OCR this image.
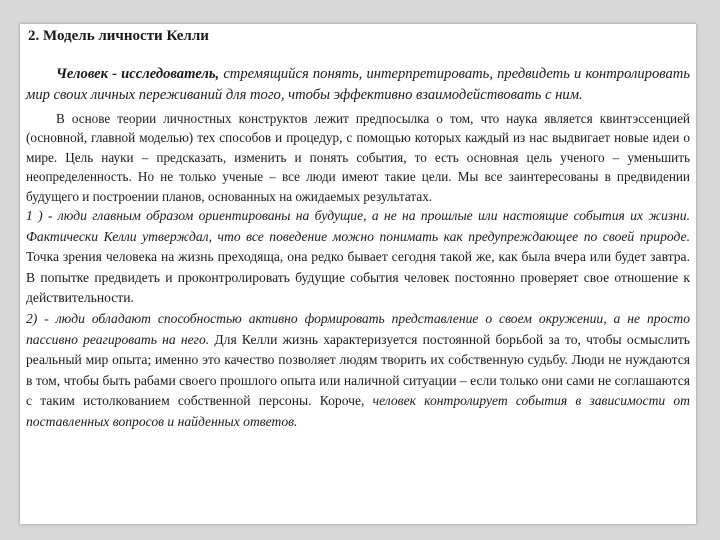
2. Модель личности Келли

Человек - исследователь, стремящийся понять, интерпретировать, предвидеть и контролировать мир своих личных переживаний для того, чтобы эффективно взаимодействовать с ним.

В основе теории личностных конструктов лежит предпосылка о том, что наука является квинтэссенцией (основной, главной моделью) тех способов и процедур, с помощью которых каждый из нас выдвигает новые идеи о мире. Цель науки – предсказать, изменить и понять события, то есть основная цель ученого – уменьшить неопределенность. Но не только ученые – все люди имеют такие цели. Мы все заинтересованы в предвидении будущего и построении планов, основанных на ожидаемых результатах.

1 ) - люди главным образом ориентированы на будущие, а не на прошлые или настоящие события их жизни. Фактически Келли утверждал, что все поведение можно понимать как предупреждающее по своей природе. Точка зрения человека на жизнь преходяща, она редко бывает сегодня такой же, как была вчера или будет завтра. В попытке предвидеть и проконтролировать будущие события человек постоянно проверяет свое отношение к действительности.

2) - люди обладают способностью активно формировать представление о своем окружении, а не просто пассивно реагировать на него. Для Келли жизнь характеризуется постоянной борьбой за то, чтобы осмыслить реальный мир опыта; именно это качество позволяет людям творить их собственную судьбу. Люди не нуждаются в том, чтобы быть рабами своего прошлого опыта или наличной ситуации – если только они сами не соглашаются с таким истолкованием собственной персоны. Короче, человек контролирует события в зависимости от поставленных вопросов и найденных ответов.
